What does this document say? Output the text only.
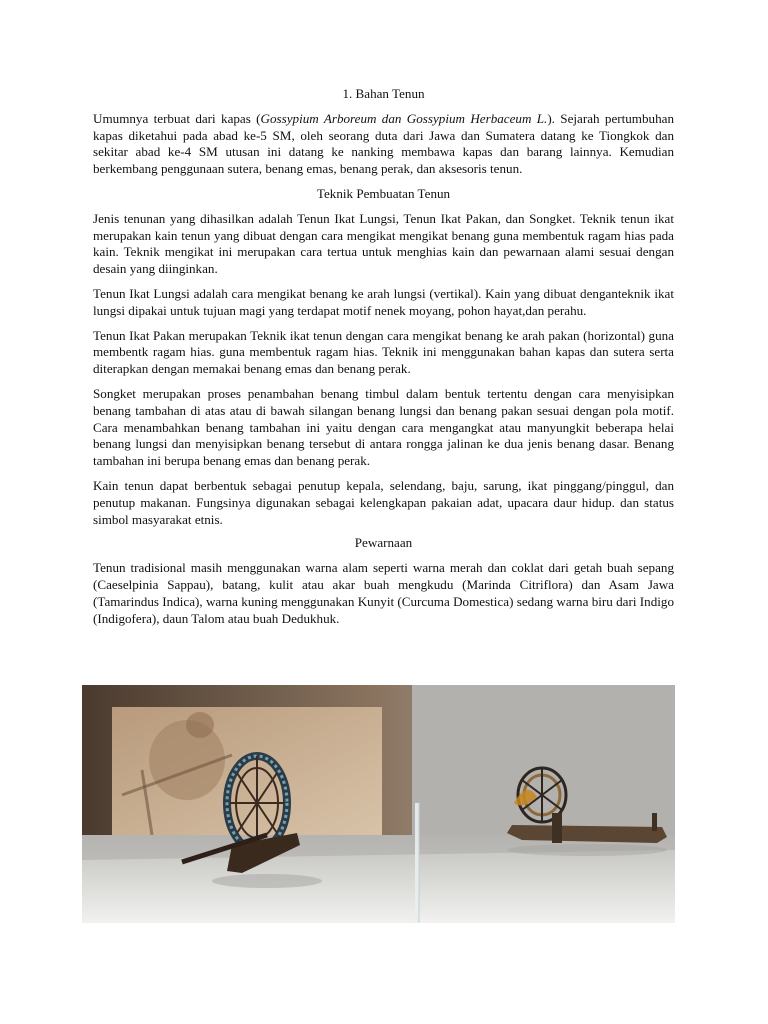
1. Bahan Tenun

Umumnya terbuat dari kapas (Gossypium Arboreum dan Gossypium Herbaceum L.). Sejarah pertumbuhan kapas diketahui pada abad ke-5 SM, oleh seorang duta dari Jawa dan Sumatera datang ke Tiongkok dan sekitar abad ke-4 SM utusan ini datang ke nanking membawa kapas dan barang lainnya. Kemudian berkembang penggunaan sutera, benang emas, benang perak, dan aksesoris tenun.

Teknik Pembuatan Tenun

Jenis tenunan yang dihasilkan adalah Tenun Ikat Lungsi, Tenun Ikat Pakan, dan Songket. Teknik tenun ikat merupakan kain tenun yang dibuat dengan cara mengikat mengikat benang guna membentuk ragam hias pada kain. Teknik mengikat ini merupakan cara tertua untuk menghias kain dan pewarnaan alami sesuai dengan desain yang diinginkan.

Tenun Ikat Lungsi adalah cara mengikat benang ke arah lungsi (vertikal). Kain yang dibuat denganteknik ikat lungsi dipakai untuk tujuan magi yang terdapat motif nenek moyang, pohon hayat,dan perahu.

Tenun Ikat Pakan merupakan Teknik ikat tenun dengan cara mengikat benang ke arah pakan (horizontal) guna membentk ragam hias. guna membentuk ragam hias. Teknik ini menggunakan bahan kapas dan sutera serta diterapkan dengan memakai benang emas dan benang perak.

Songket merupakan proses penambahan benang timbul dalam bentuk tertentu dengan cara menyisipkan benang tambahan di atas atau di bawah silangan benang lungsi dan benang pakan sesuai dengan pola motif. Cara menambahkan benang tambahan ini yaitu dengan cara mengangkat atau manyungkit beberapa helai benang lungsi dan menyisipkan benang tersebut di antara rongga jalinan ke dua jenis benang dasar. Benang tambahan ini berupa benang emas dan benang perak.

Kain tenun dapat berbentuk sebagai penutup kepala, selendang, baju, sarung, ikat pinggang/pinggul, dan penutup makanan. Fungsinya digunakan sebagai kelengkapan pakaian adat, upacara daur hidup. dan status simbol masyarakat etnis.

Pewarnaan

Tenun tradisional masih menggunakan warna alam seperti warna merah dan coklat dari getah buah sepang (Caeselpinia Sappau), batang, kulit atau akar buah mengkudu (Marinda Citriflora) dan Asam Jawa (Tamarindus Indica), warna kuning menggunakan Kunyit (Curcuma Domestica) sedang warna biru dari Indigo (Indigofera), daun Talom atau buah Dedukhuk.
